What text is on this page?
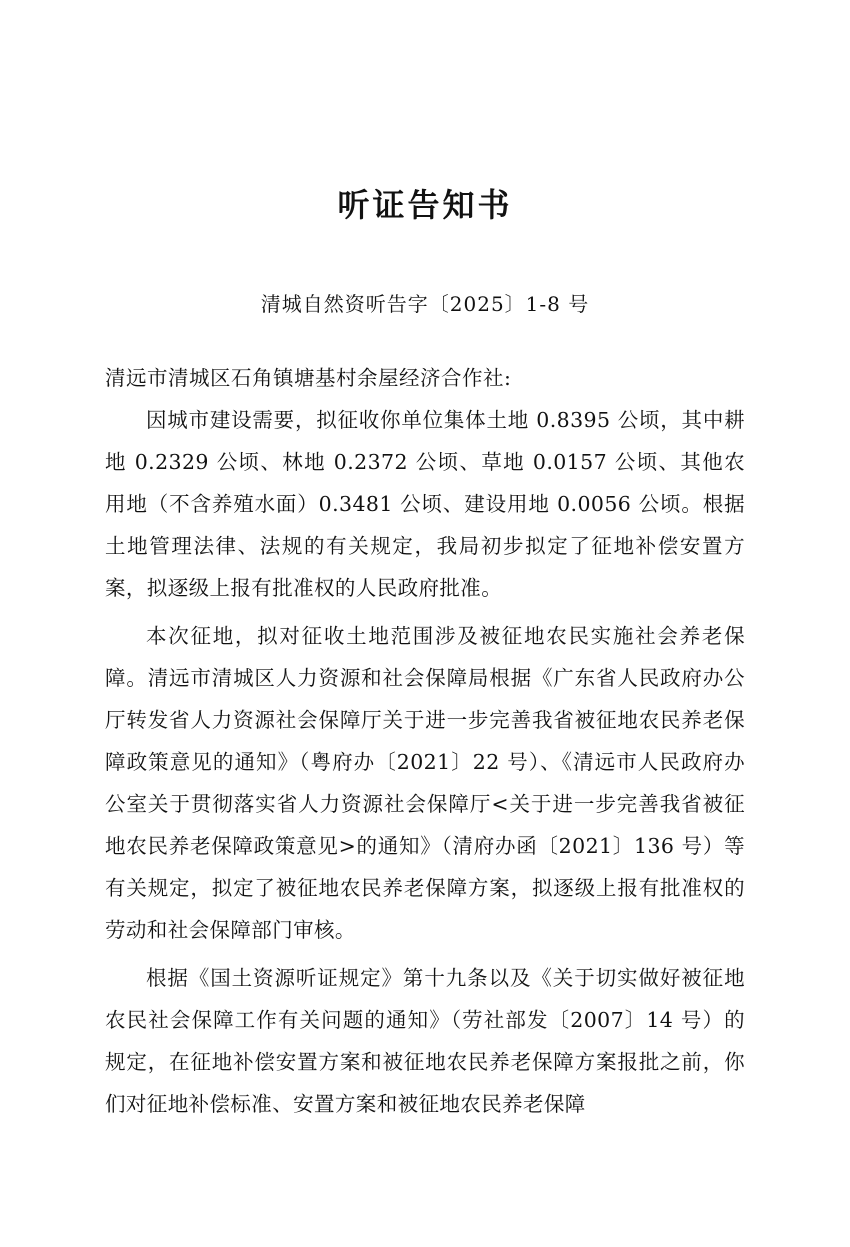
听证告知书
清城自然资听告字〔2025〕1-8 号
清远市清城区石角镇塘基村余屋经济合作社:

因城市建设需要，拟征收你单位集体土地 0.8395 公顷，其中耕地 0.2329 公顷、林地 0.2372 公顷、草地 0.0157 公顷、其他农用地（不含养殖水面）0.3481 公顷、建设用地 0.0056 公顷。根据土地管理法律、法规的有关规定，我局初步拟定了征地补偿安置方案，拟逐级上报有批准权的人民政府批准。

本次征地，拟对征收土地范围涉及被征地农民实施社会养老保障。清远市清城区人力资源和社会保障局根据《广东省人民政府办公厅转发省人力资源社会保障厅关于进一步完善我省被征地农民养老保障政策意见的通知》（粤府办〔2021〕22 号）、《清远市人民政府办公室关于贯彻落实省人力资源社会保障厅<关于进一步完善我省被征地农民养老保障政策意见>的通知》（清府办函〔2021〕136 号）等有关规定，拟定了被征地农民养老保障方案，拟逐级上报有批准权的劳动和社会保障部门审核。

根据《国土资源听证规定》第十九条以及《关于切实做好被征地农民社会保障工作有关问题的通知》（劳社部发〔2007〕14 号）的规定，在征地补偿安置方案和被征地农民养老保障方案报批之前，你们对征地补偿标准、安置方案和被征地农民养老保障
